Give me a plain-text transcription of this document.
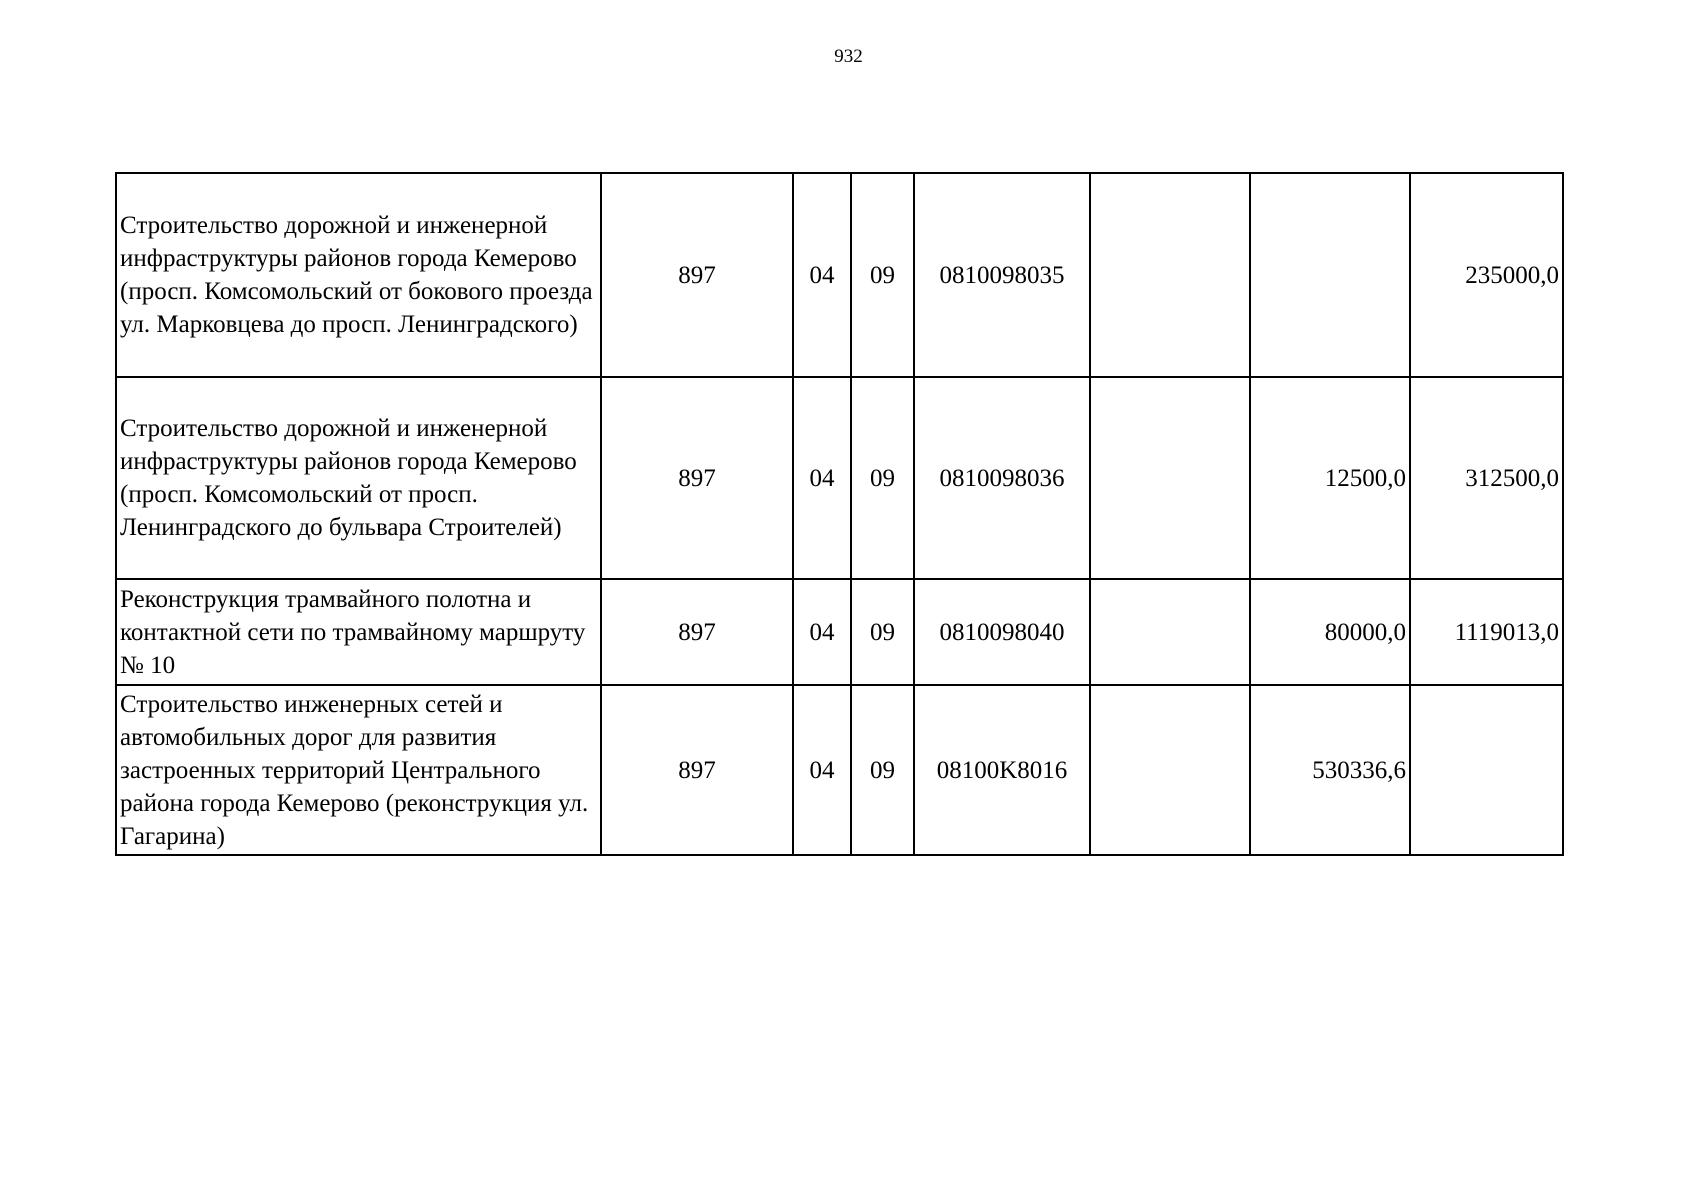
932
Строительство дорожной и инженерной инфраструктуры районов города Кемерово (просп. Комсомольский от бокового проезда ул. Марковцева до просп. Ленинградского)	897	04	09	0810098035			235000,0
Строительство дорожной и инженерной инфраструктуры районов города Кемерово (просп. Комсомольский от просп. Ленинградского до бульвара Строителей)	897	04	09	0810098036		12500,0	312500,0
Реконструкция трамвайного полотна и контактной сети по трамвайному маршруту № 10	897	04	09	0810098040		80000,0	1119013,0
Строительство инженерных сетей и автомобильных дорог для развития застроенных территорий Центрального района города Кемерово (реконструкция ул. Гагарина)	897	04	09	08100K8016		530336,6	
